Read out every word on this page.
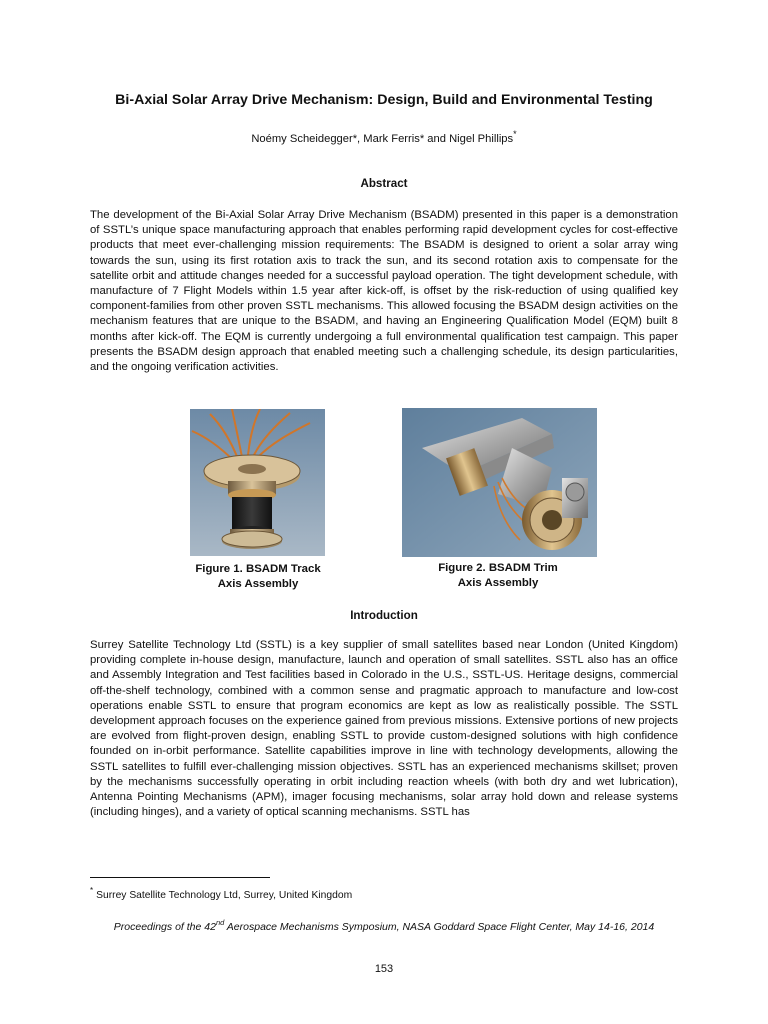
Bi-Axial Solar Array Drive Mechanism: Design, Build and Environmental Testing
Noémy Scheidegger*, Mark Ferris* and Nigel Phillips*
Abstract

The development of the Bi-Axial Solar Array Drive Mechanism (BSADM) presented in this paper is a demonstration of SSTL’s unique space manufacturing approach that enables performing rapid development cycles for cost-effective products that meet ever-challenging mission requirements: The BSADM is designed to orient a solar array wing towards the sun, using its first rotation axis to track the sun, and its second rotation axis to compensate for the satellite orbit and attitude changes needed for a successful payload operation. The tight development schedule, with manufacture of 7 Flight Models within 1.5 year after kick-off, is offset by the risk-reduction of using qualified key component-families from other proven SSTL mechanisms. This allowed focusing the BSADM design activities on the mechanism features that are unique to the BSADM, and having an Engineering Qualification Model (EQM) built 8 months after kick-off. The EQM is currently undergoing a full environmental qualification test campaign. This paper presents the BSADM design approach that enabled meeting such a challenging schedule, its design particularities, and the ongoing verification activities.

Figure 1. BSADM Track
Axis Assembly
Figure 2. BSADM Trim
Axis Assembly
Introduction

Surrey Satellite Technology Ltd (SSTL) is a key supplier of small satellites based near London (United Kingdom) providing complete in-house design, manufacture, launch and operation of small satellites. SSTL also has an office and Assembly Integration and Test facilities based in Colorado in the U.S., SSTL-US. Heritage designs, commercial off-the-shelf technology, combined with a common sense and pragmatic approach to manufacture and low-cost operations enable SSTL to ensure that program economics are kept as low as realistically possible. The SSTL development approach focuses on the experience gained from previous missions. Extensive portions of new projects are evolved from flight-proven design, enabling SSTL to provide custom-designed solutions with high confidence founded on in-orbit performance. Satellite capabilities improve in line with technology developments, allowing the SSTL satellites to fulfill ever-challenging mission objectives. SSTL has an experienced mechanisms skillset; proven by the mechanisms successfully operating in orbit including reaction wheels (with both dry and wet lubrication), Antenna Pointing Mechanisms (APM), imager focusing mechanisms, solar array hold down and release systems (including hinges), and a variety of optical scanning mechanisms. SSTL has

* Surrey Satellite Technology Ltd, Surrey, United Kingdom
Proceedings of the 42nd Aerospace Mechanisms Symposium, NASA Goddard Space Flight Center, May 14-16, 2014
153
